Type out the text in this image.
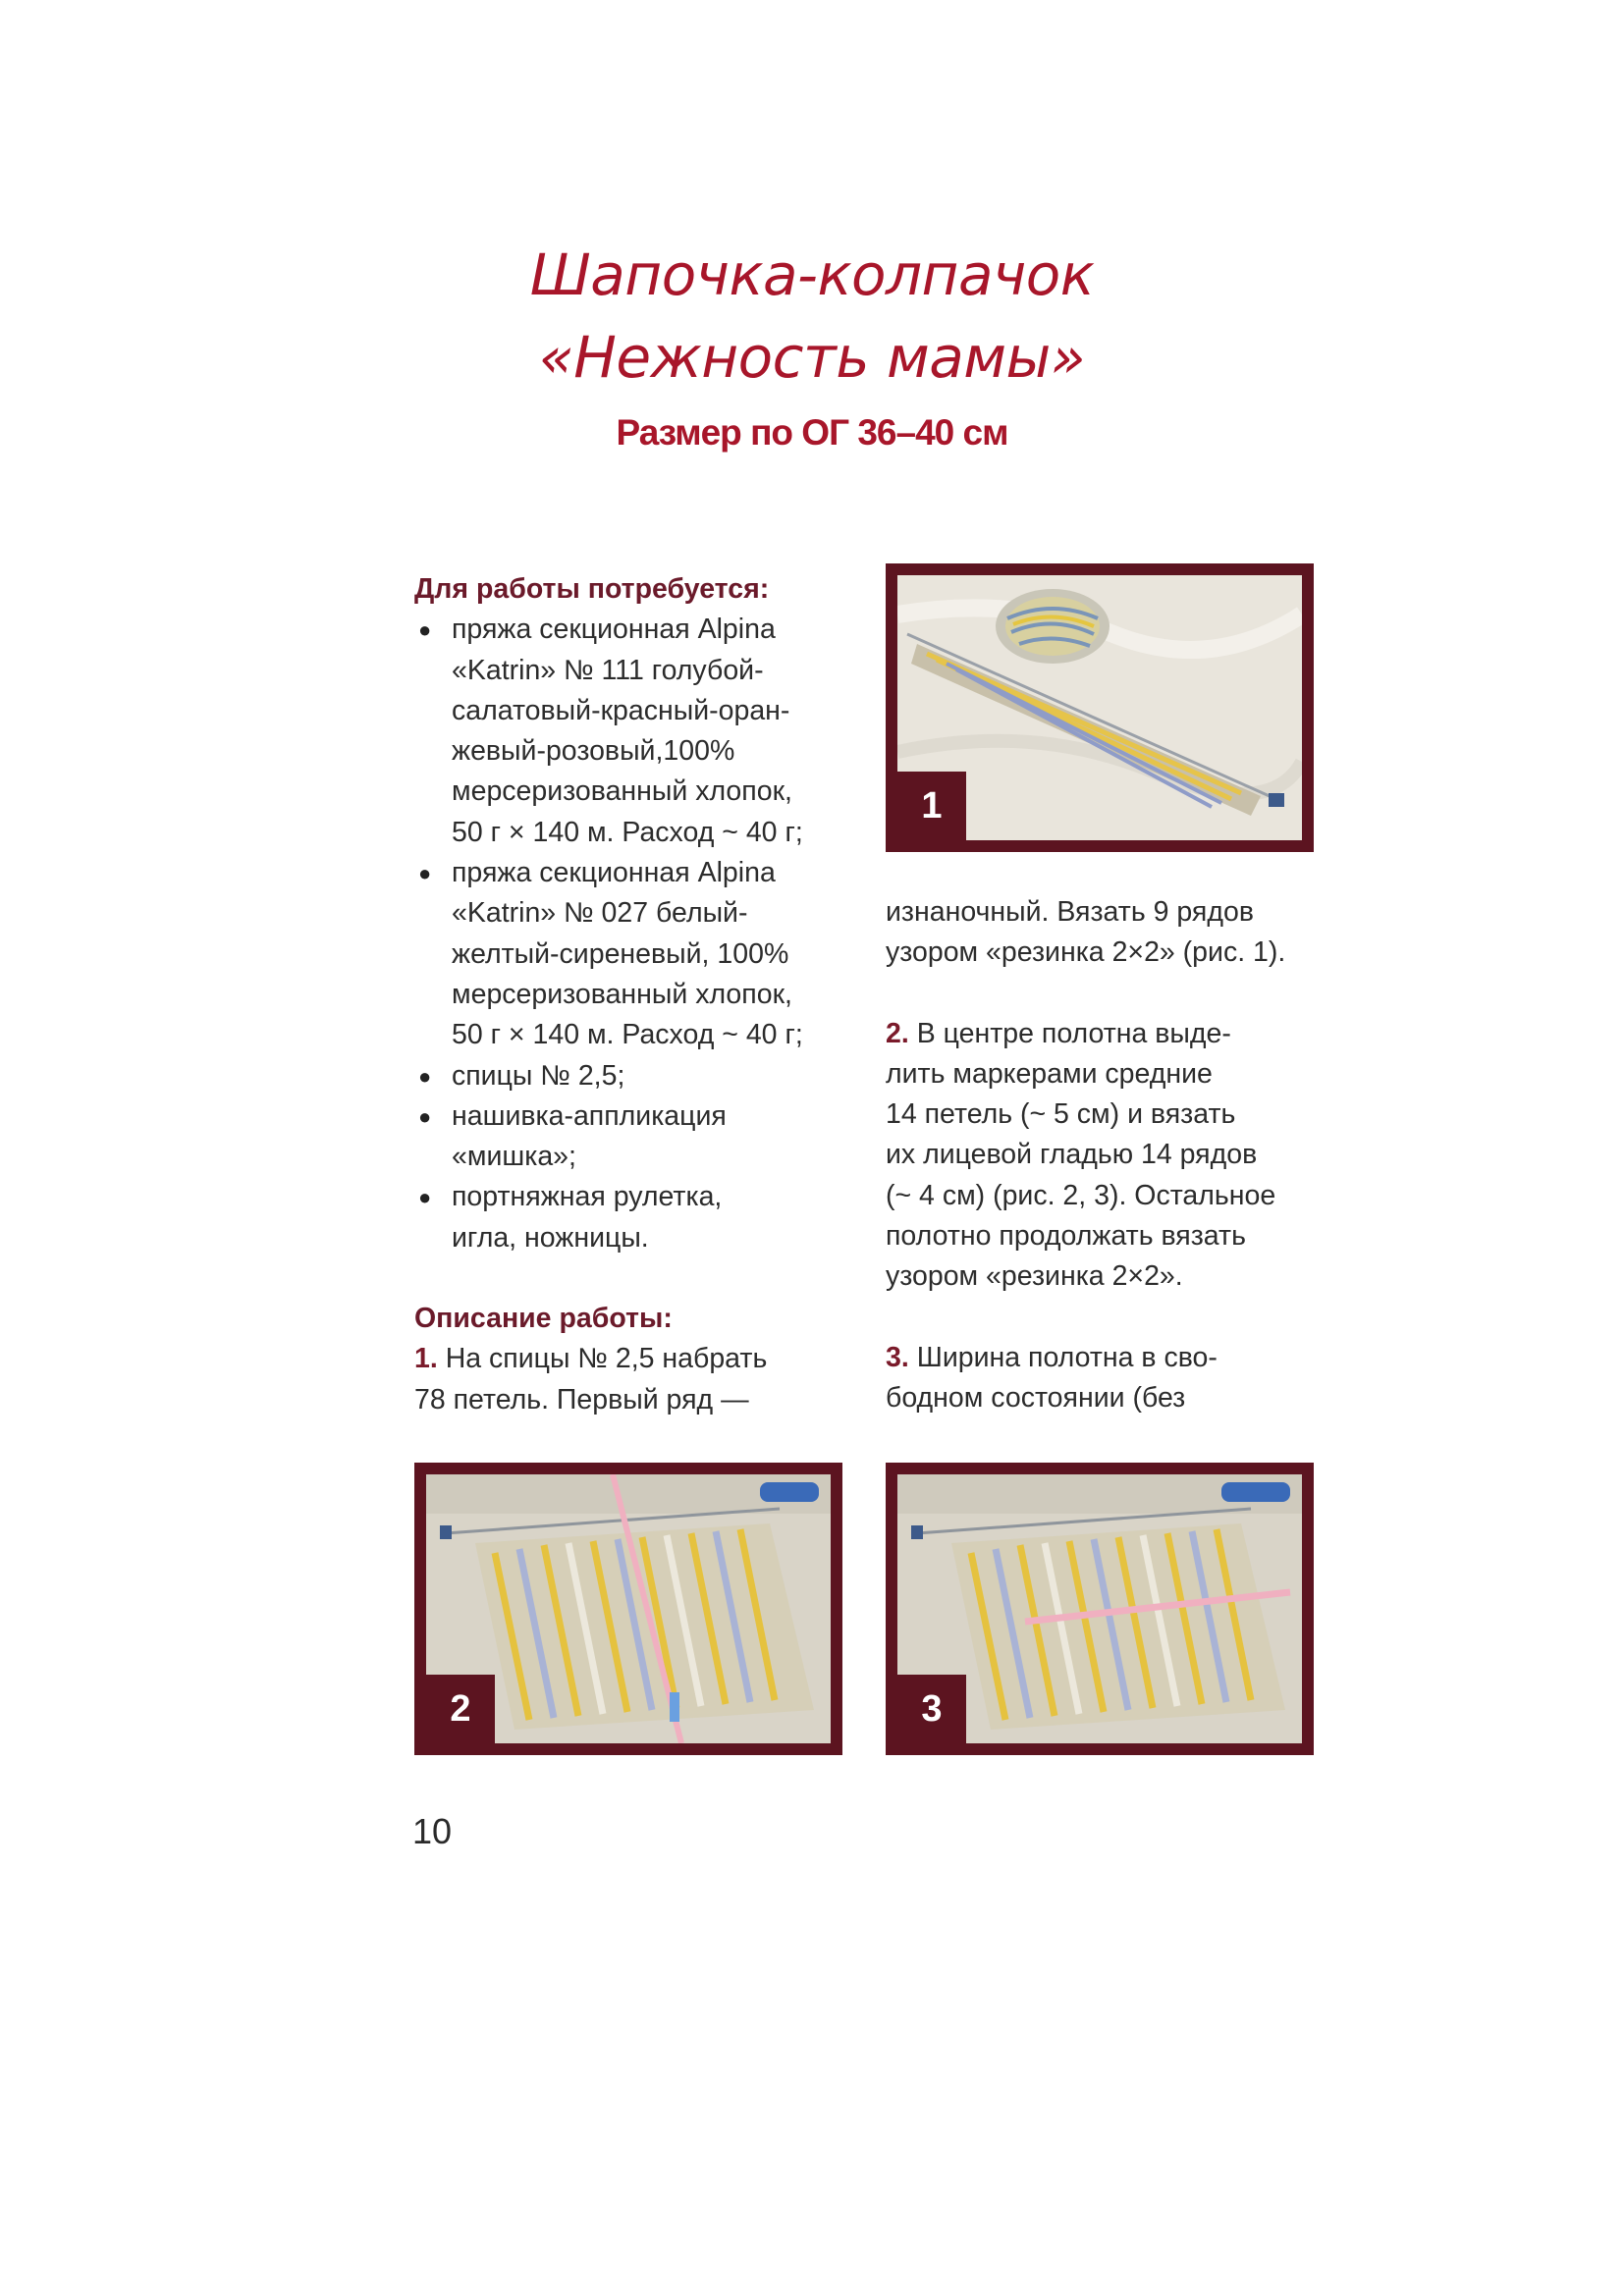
Шапочка-колпачок
«Нежность мамы»
Размер по ОГ 36–40 см

Для работы потребуется:

● пряжа секционная Alpina
«Katrin» № 111 голубой-
салатовый-красный-оран-
жевый-розовый,100%
мерсеризованный хлопок,
50 г × 140 м. Расход ~ 40 г;
● пряжа секционная Alpina
«Katrin» № 027 белый-
желтый-сиреневый, 100%
мерсеризованный хлопок,
50 г × 140 м. Расход ~ 40 г;
● спицы № 2,5;
● нашивка-аппликация
«мишка»;
● портняжная рулетка,
игла, ножницы.

Описание работы:

1. На спицы № 2,5 набрать
78 петель. Первый ряд —

изнаночный. Вязать 9 рядов
узором «резинка 2×2» (рис. 1).

2. В центре полотна выде-
лить маркерами средние
14 петель (~ 5 см) и вязать
их лицевой гладью 14 рядов
(~ 4 см) (рис. 2, 3). Остальное
полотно продолжать вязать
узором «резинка 2×2».

3. Ширина полотна в сво-
бодном состоянии (без

1
2	3
10
